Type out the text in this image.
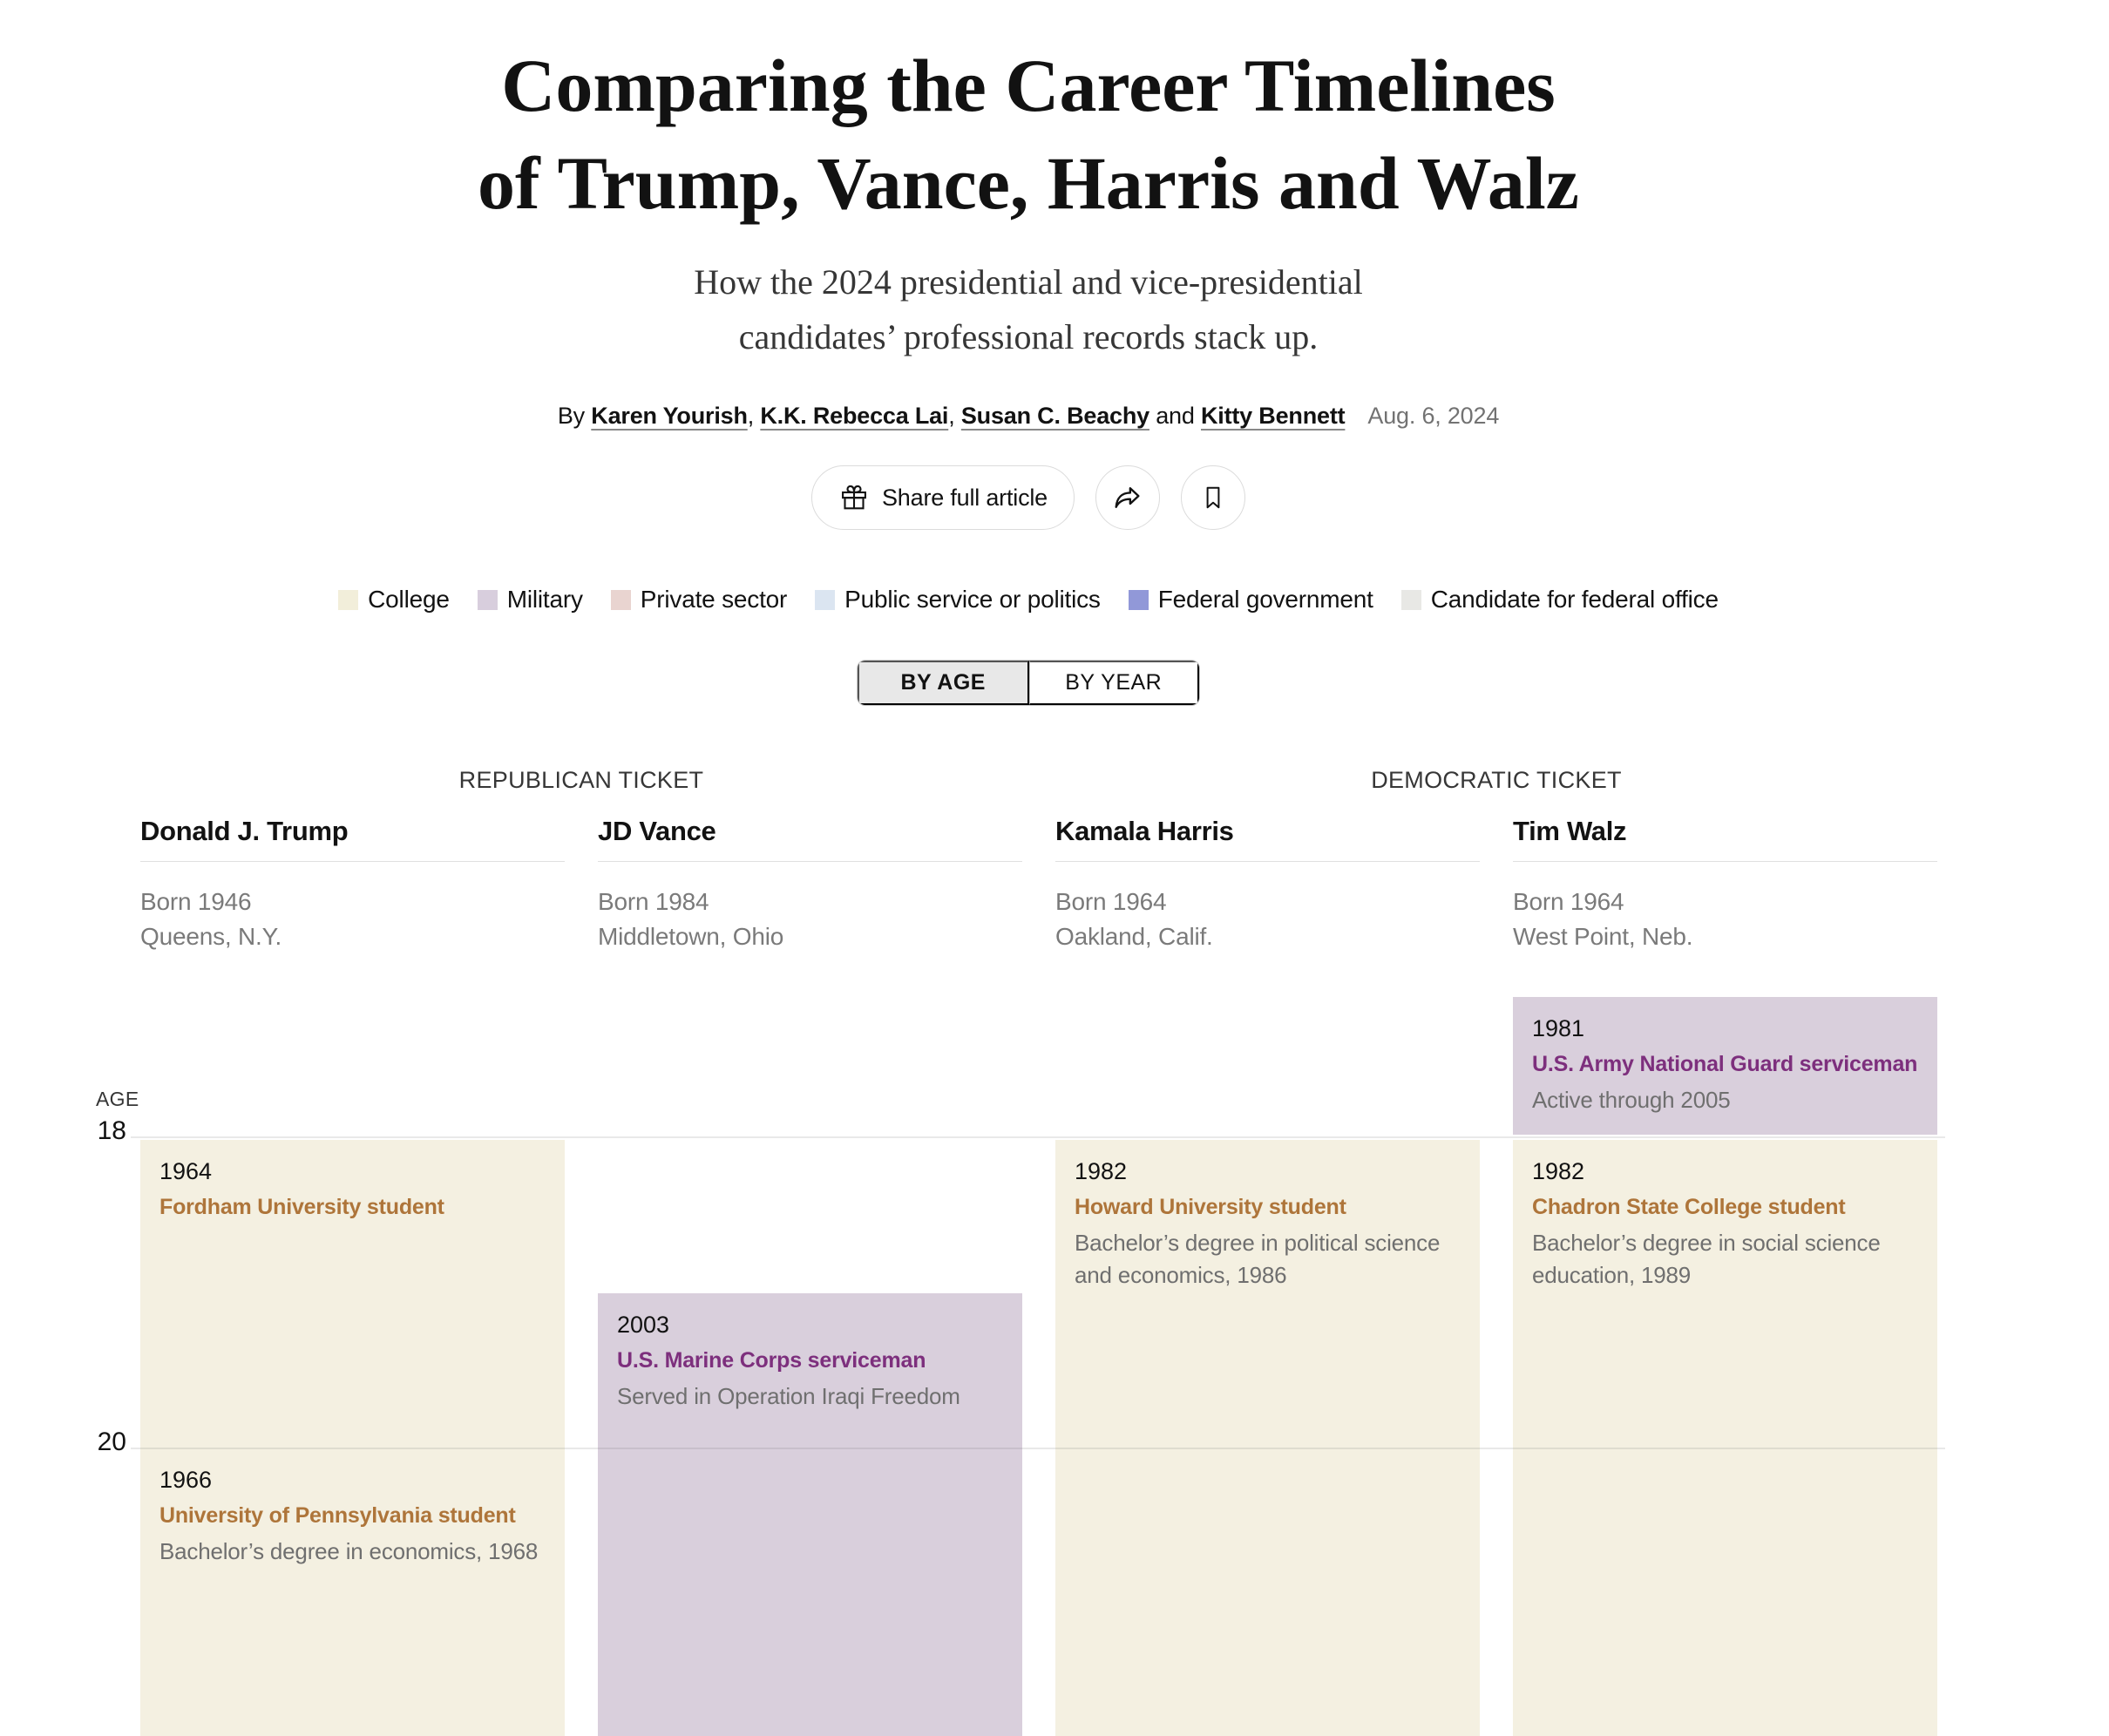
Comparing the Career Timelines
of Trump, Vance, Harris and Walz

How the 2024 presidential and vice-presidential
candidates’ professional records stack up.

By Karen Yourish, K.K. Rebecca Lai, Susan C. Beachy and Kitty Bennett Aug. 6, 2024

Share full article
College Military Private sector Public service or politics Federal government Candidate for federal office
BY AGE	BY YEAR
REPUBLICAN TICKET	DEMOCRATIC TICKET
Donald J. Trump
Born 1946
Queens, N.Y.
JD Vance
Born 1984
Middletown, Ohio
Kamala Harris
Born 1964
Oakland, Calif.
Tim Walz
Born 1964
West Point, Neb.
AGE
18
20
1964
Fordham University student
1966
University of Pennsylvania student
Bachelor’s degree in economics, 1968
2003
U.S. Marine Corps serviceman
Served in Operation Iraqi Freedom
1982
Howard University student
Bachelor’s degree in political science and economics, 1986
1981
U.S. Army National Guard serviceman
Active through 2005
1982
Chadron State College student
Bachelor’s degree in social science education, 1989
